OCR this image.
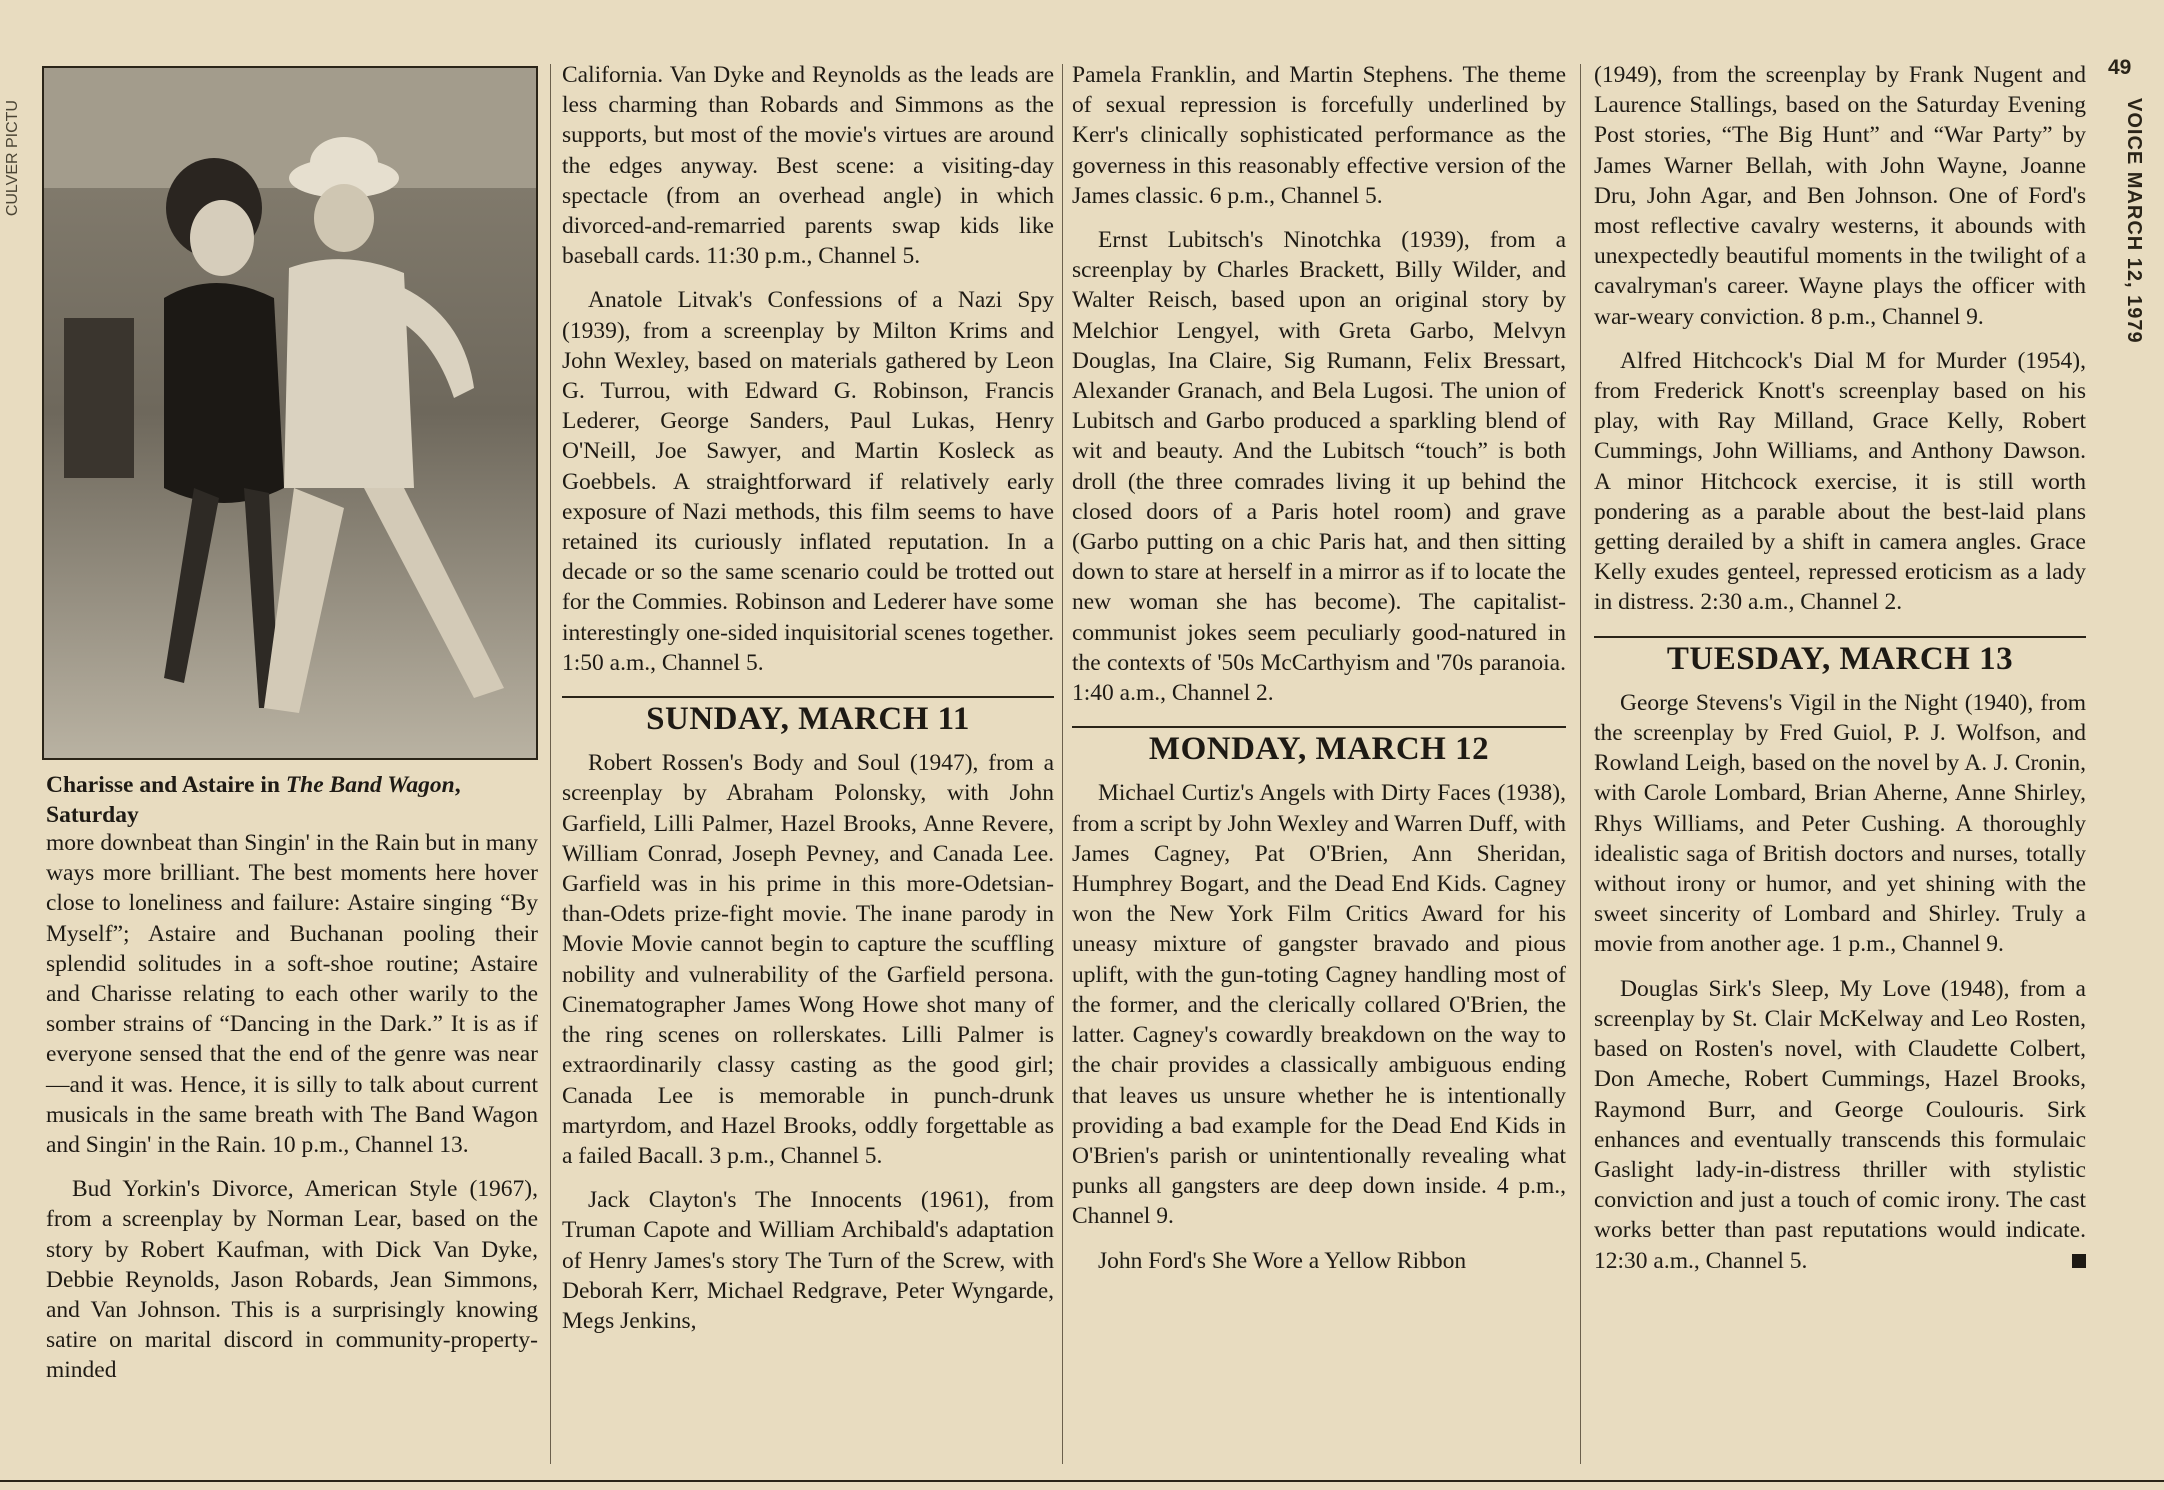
CULVER PICTU
Charisse and Astaire in The Band Wagon, Saturday

more downbeat than Singin' in the Rain but in many ways more brilliant. The best moments here hover close to loneliness and failure: Astaire singing “By Myself”; Astaire and Buchanan pooling their splendid solitudes in a soft-shoe routine; Astaire and Charisse relating to each other warily to the somber strains of “Dancing in the Dark.” It is as if everyone sensed that the end of the genre was near—and it was. Hence, it is silly to talk about current musicals in the same breath with The Band Wagon and Singin' in the Rain. 10 p.m., Channel 13.

Bud Yorkin's Divorce, American Style (1967), from a screenplay by Norman Lear, based on the story by Robert Kaufman, with Dick Van Dyke, Debbie Reynolds, Jason Robards, Jean Simmons, and Van Johnson. This is a surprisingly knowing satire on marital discord in community-property-minded

California. Van Dyke and Reynolds as the leads are less charming than Robards and Simmons as the supports, but most of the movie's virtues are around the edges anyway. Best scene: a visiting-day spectacle (from an overhead angle) in which divorced-and-remarried parents swap kids like baseball cards. 11:30 p.m., Channel 5.

Anatole Litvak's Confessions of a Nazi Spy (1939), from a screenplay by Milton Krims and John Wexley, based on materials gathered by Leon G. Turrou, with Edward G. Robinson, Francis Lederer, George Sanders, Paul Lukas, Henry O'Neill, Joe Sawyer, and Martin Kosleck as Goebbels. A straightforward if relatively early exposure of Nazi methods, this film seems to have retained its curiously inflated reputation. In a decade or so the same scenario could be trotted out for the Commies. Robinson and Lederer have some interestingly one-sided inquisitorial scenes together. 1:50 a.m., Channel 5.

SUNDAY, MARCH 11

Robert Rossen's Body and Soul (1947), from a screenplay by Abraham Polonsky, with John Garfield, Lilli Palmer, Hazel Brooks, Anne Revere, William Conrad, Joseph Pevney, and Canada Lee. Garfield was in his prime in this more-Odetsian-than-Odets prize-fight movie. The inane parody in Movie Movie cannot begin to capture the scuffling nobility and vulnerability of the Garfield persona. Cinematographer James Wong Howe shot many of the ring scenes on rollerskates. Lilli Palmer is extraordinarily classy casting as the good girl; Canada Lee is memorable in punch-drunk martyrdom, and Hazel Brooks, oddly forgettable as a failed Bacall. 3 p.m., Channel 5.

Jack Clayton's The Innocents (1961), from Truman Capote and William Archibald's adaptation of Henry James's story The Turn of the Screw, with Deborah Kerr, Michael Redgrave, Peter Wyngarde, Megs Jenkins,

Pamela Franklin, and Martin Stephens. The theme of sexual repression is forcefully underlined by Kerr's clinically sophisticated performance as the governess in this reasonably effective version of the James classic. 6 p.m., Channel 5.

Ernst Lubitsch's Ninotchka (1939), from a screenplay by Charles Brackett, Billy Wilder, and Walter Reisch, based upon an original story by Melchior Lengyel, with Greta Garbo, Melvyn Douglas, Ina Claire, Sig Rumann, Felix Bressart, Alexander Granach, and Bela Lugosi. The union of Lubitsch and Garbo produced a sparkling blend of wit and beauty. And the Lubitsch “touch” is both droll (the three comrades living it up behind the closed doors of a Paris hotel room) and grave (Garbo putting on a chic Paris hat, and then sitting down to stare at herself in a mirror as if to locate the new woman she has become). The capitalist-communist jokes seem peculiarly good-natured in the contexts of '50s McCarthyism and '70s paranoia. 1:40 a.m., Channel 2.

MONDAY, MARCH 12

Michael Curtiz's Angels with Dirty Faces (1938), from a script by John Wexley and Warren Duff, with James Cagney, Pat O'Brien, Ann Sheridan, Humphrey Bogart, and the Dead End Kids. Cagney won the New York Film Critics Award for his uneasy mixture of gangster bravado and pious uplift, with the gun-toting Cagney handling most of the former, and the clerically collared O'Brien, the latter. Cagney's cowardly breakdown on the way to the chair provides a classically ambiguous ending that leaves us unsure whether he is intentionally providing a bad example for the Dead End Kids in O'Brien's parish or unintentionally revealing what punks all gangsters are deep down inside. 4 p.m., Channel 9.

John Ford's She Wore a Yellow Ribbon

(1949), from the screenplay by Frank Nugent and Laurence Stallings, based on the Saturday Evening Post stories, “The Big Hunt” and “War Party” by James Warner Bellah, with John Wayne, Joanne Dru, John Agar, and Ben Johnson. One of Ford's most reflective cavalry westerns, it abounds with unexpectedly beautiful moments in the twilight of a cavalryman's career. Wayne plays the officer with war-weary conviction. 8 p.m., Channel 9.

Alfred Hitchcock's Dial M for Murder (1954), from Frederick Knott's screenplay based on his play, with Ray Milland, Grace Kelly, Robert Cummings, John Williams, and Anthony Dawson. A minor Hitchcock exercise, it is still worth pondering as a parable about the best-laid plans getting derailed by a shift in camera angles. Grace Kelly exudes genteel, repressed eroticism as a lady in distress. 2:30 a.m., Channel 2.

TUESDAY, MARCH 13

George Stevens's Vigil in the Night (1940), from the screenplay by Fred Guiol, P. J. Wolfson, and Rowland Leigh, based on the novel by A. J. Cronin, with Carole Lombard, Brian Aherne, Anne Shirley, Rhys Williams, and Peter Cushing. A thoroughly idealistic saga of British doctors and nurses, totally without irony or humor, and yet shining with the sweet sincerity of Lombard and Shirley. Truly a movie from another age. 1 p.m., Channel 9.

Douglas Sirk's Sleep, My Love (1948), from a screenplay by St. Clair McKelway and Leo Rosten, based on Rosten's novel, with Claudette Colbert, Don Ameche, Robert Cummings, Hazel Brooks, Raymond Burr, and George Coulouris. Sirk enhances and eventually transcends this formulaic Gaslight lady-in-distress thriller with stylistic conviction and just a touch of comic irony. The cast works better than past reputations would indicate. 12:30 a.m., Channel 5.

49
VOICE MARCH 12, 1979
